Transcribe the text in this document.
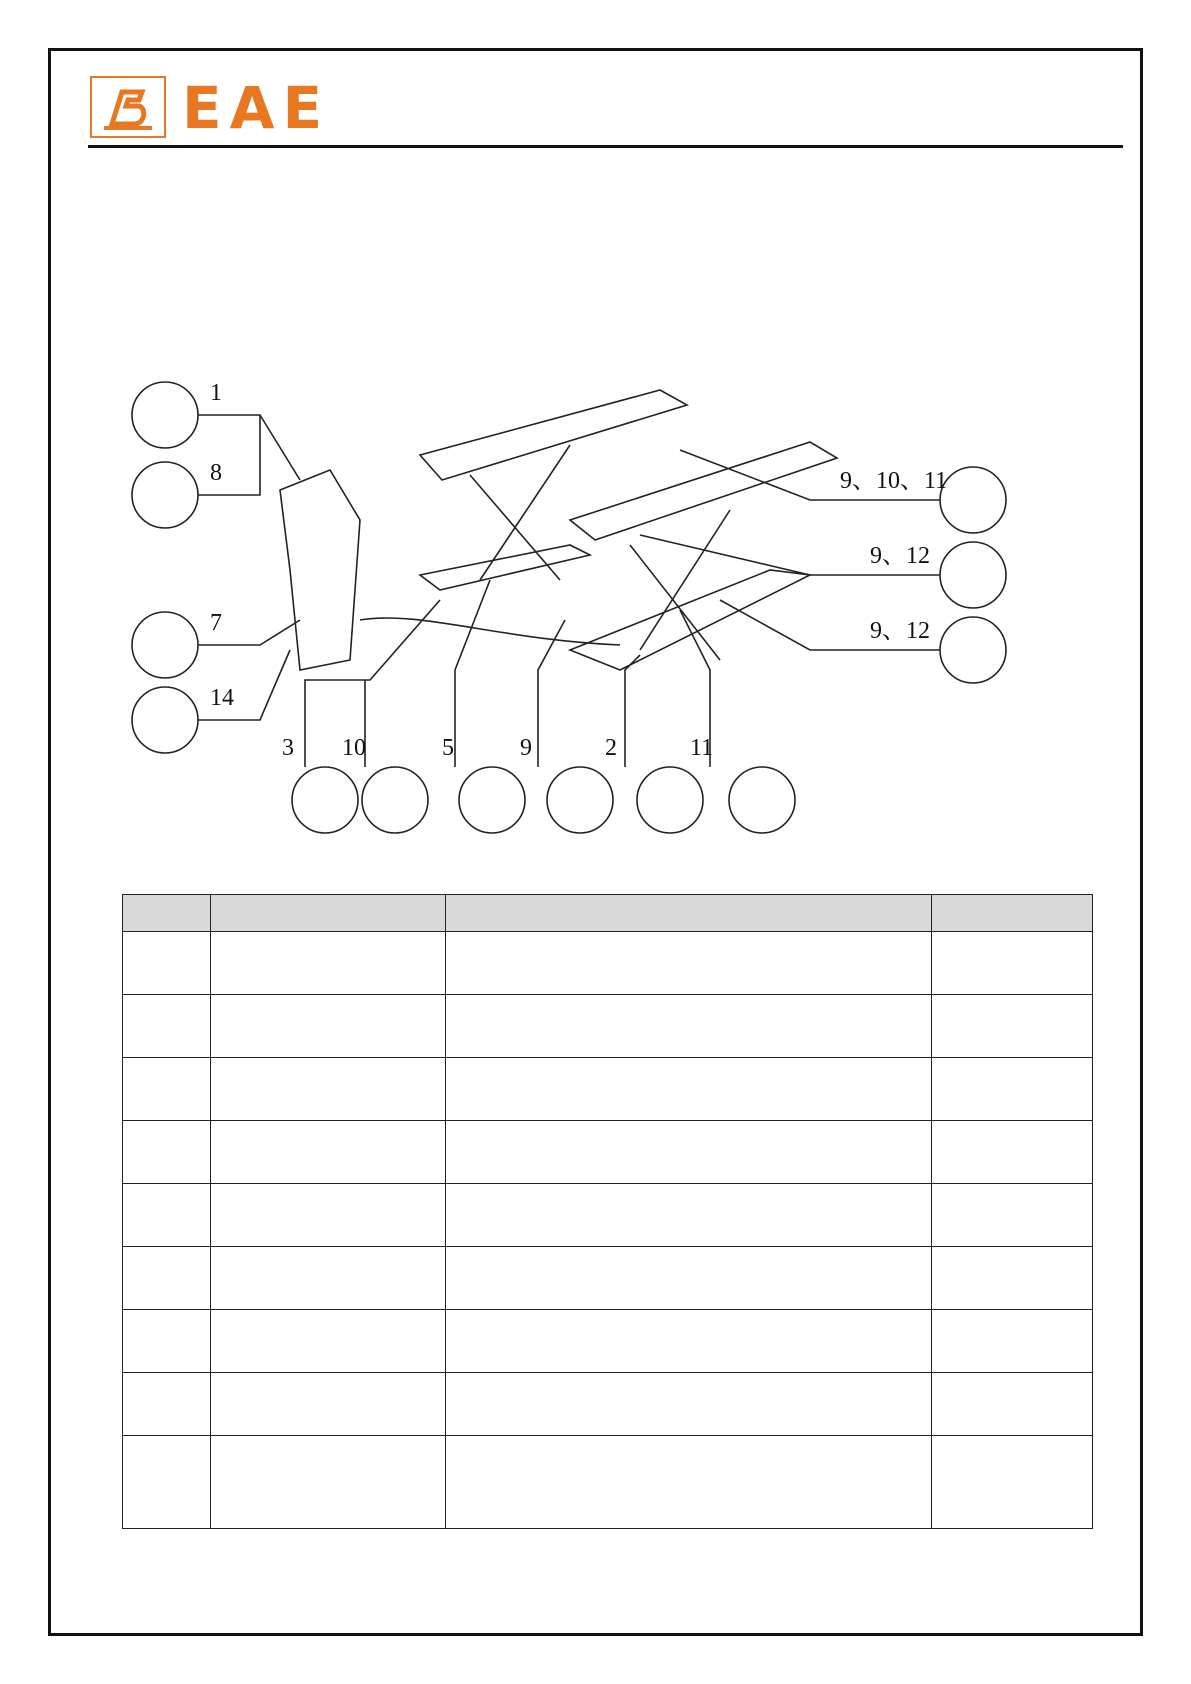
EAE
1
8
7
14
3 10	5	9	2	11
9、10、11
9、12
9、12
